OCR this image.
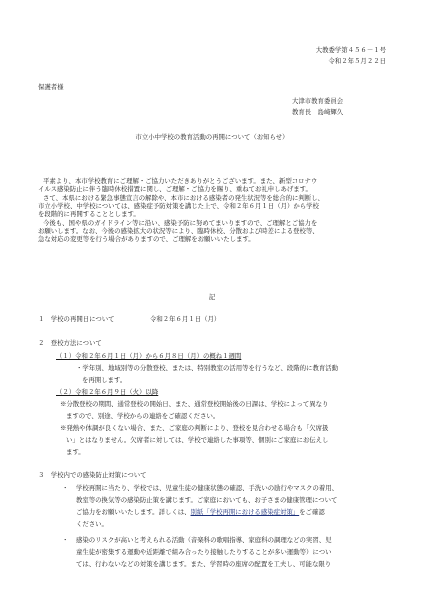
大教委学第４５６－１号
令和２年５月２２日
保護者様
大津市教育委員会
教育長　島﨑輝久
市立小中学校の教育活動の再開について（お知らせ）
平素より、本市学校教育にご理解・ご協力いただきありがとうございます。また、新型コロナウ
イルス感染防止に伴う臨時休校措置に関し、ご理解・ご協力を賜り、重ねてお礼申しあげます。
さて、本県における緊急事態宣言の解除や、本市における感染者の発生状況等を総合的に判断し、
市立小学校、中学校については、感染症予防対策を講じた上で、令和２年６月１日（月）から学校
を段階的に再開することとします。
今後も、国や県のガイドライン等に沿い、感染予防に努めてまいりますので、ご理解とご協力を
お願いします。なお、今後の感染拡大の状況等により、臨時休校、分散および時差による登校等、
急な対応の変更等を行う場合がありますので、ご理解をお願いいたします。
記
１　学校の再開日について	令和２年６月１日（月）
２　登校方法について
（１）令和２年６月１日（月）から６月８日（月）の概ね１週間
・学年別、地域別等の分散登校、または、特別教室の活用等を行うなど、段階的に教育活動
を再開します。
（２）令和２年６月９日（火）以降
※分散登校の期間、通常登校の開始日、また、通常登校開始後の日課は、学校によって異なり
ますので、別途、学校からの連絡をご確認ください。
※発熱や体調が良くない場合、また、ご家庭の判断により、登校を見合わせる場合も「欠席扱
い」とはなりません。欠席者に対しては、学校で連絡した事項等、個別にご家庭にお伝えし
ます。
３　学校内での感染防止対策について
・ 学校再開に当たり、学校では、児童生徒の健康状態の確認、手洗いの励行やマスクの着用、
教室等の換気等の感染防止策を講じます。ご家庭においても、お子さまの健康管理について
ご協力をお願いいたします。詳しくは、別紙「学校再開における感染症対策」をご確認
ください。
・ 感染のリスクが高いと考えられる活動（音楽科の歌唱指導、家庭科の調理などの実習、児
童生徒が密集する運動や近距離で組み合ったり接触したりすることが多い運動等）につい
ては、行わないなどの対策を講じます。また、学習時の座席の配置を工夫し、可能な限り
